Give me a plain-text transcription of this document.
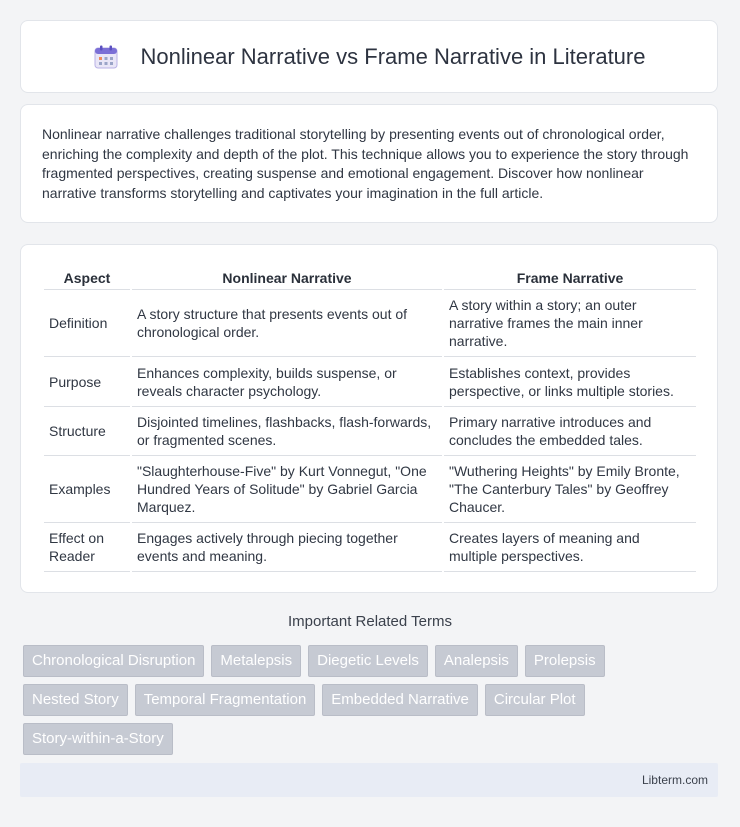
Nonlinear Narrative vs Frame Narrative in Literature

Nonlinear narrative challenges traditional storytelling by presenting events out of chronological order, enriching the complexity and depth of the plot. This technique allows you to experience the story through fragmented perspectives, creating suspense and emotional engagement. Discover how nonlinear narrative transforms storytelling and captivates your imagination in the full article.

Aspect	Nonlinear Narrative	Frame Narrative
Definition	A story structure that presents events out of chronological order.	A story within a story; an outer narrative frames the main inner narrative.
Purpose	Enhances complexity, builds suspense, or reveals character psychology.	Establishes context, provides perspective, or links multiple stories.
Structure	Disjointed timelines, flashbacks, flash-forwards, or fragmented scenes.	Primary narrative introduces and concludes the embedded tales.
Examples	"Slaughterhouse-Five" by Kurt Vonnegut, "One Hundred Years of Solitude" by Gabriel Garcia Marquez.	"Wuthering Heights" by Emily Bronte, "The Canterbury Tales" by Geoffrey Chaucer.
Effect on Reader	Engages actively through piecing together events and meaning.	Creates layers of meaning and multiple perspectives.
Important Related Terms
Chronological Disruption	Metalepsis	Diegetic Levels	Analepsis	Prolepsis
Nested Story	Temporal Fragmentation	Embedded Narrative	Circular Plot
Story-within-a-Story
Libterm.com
